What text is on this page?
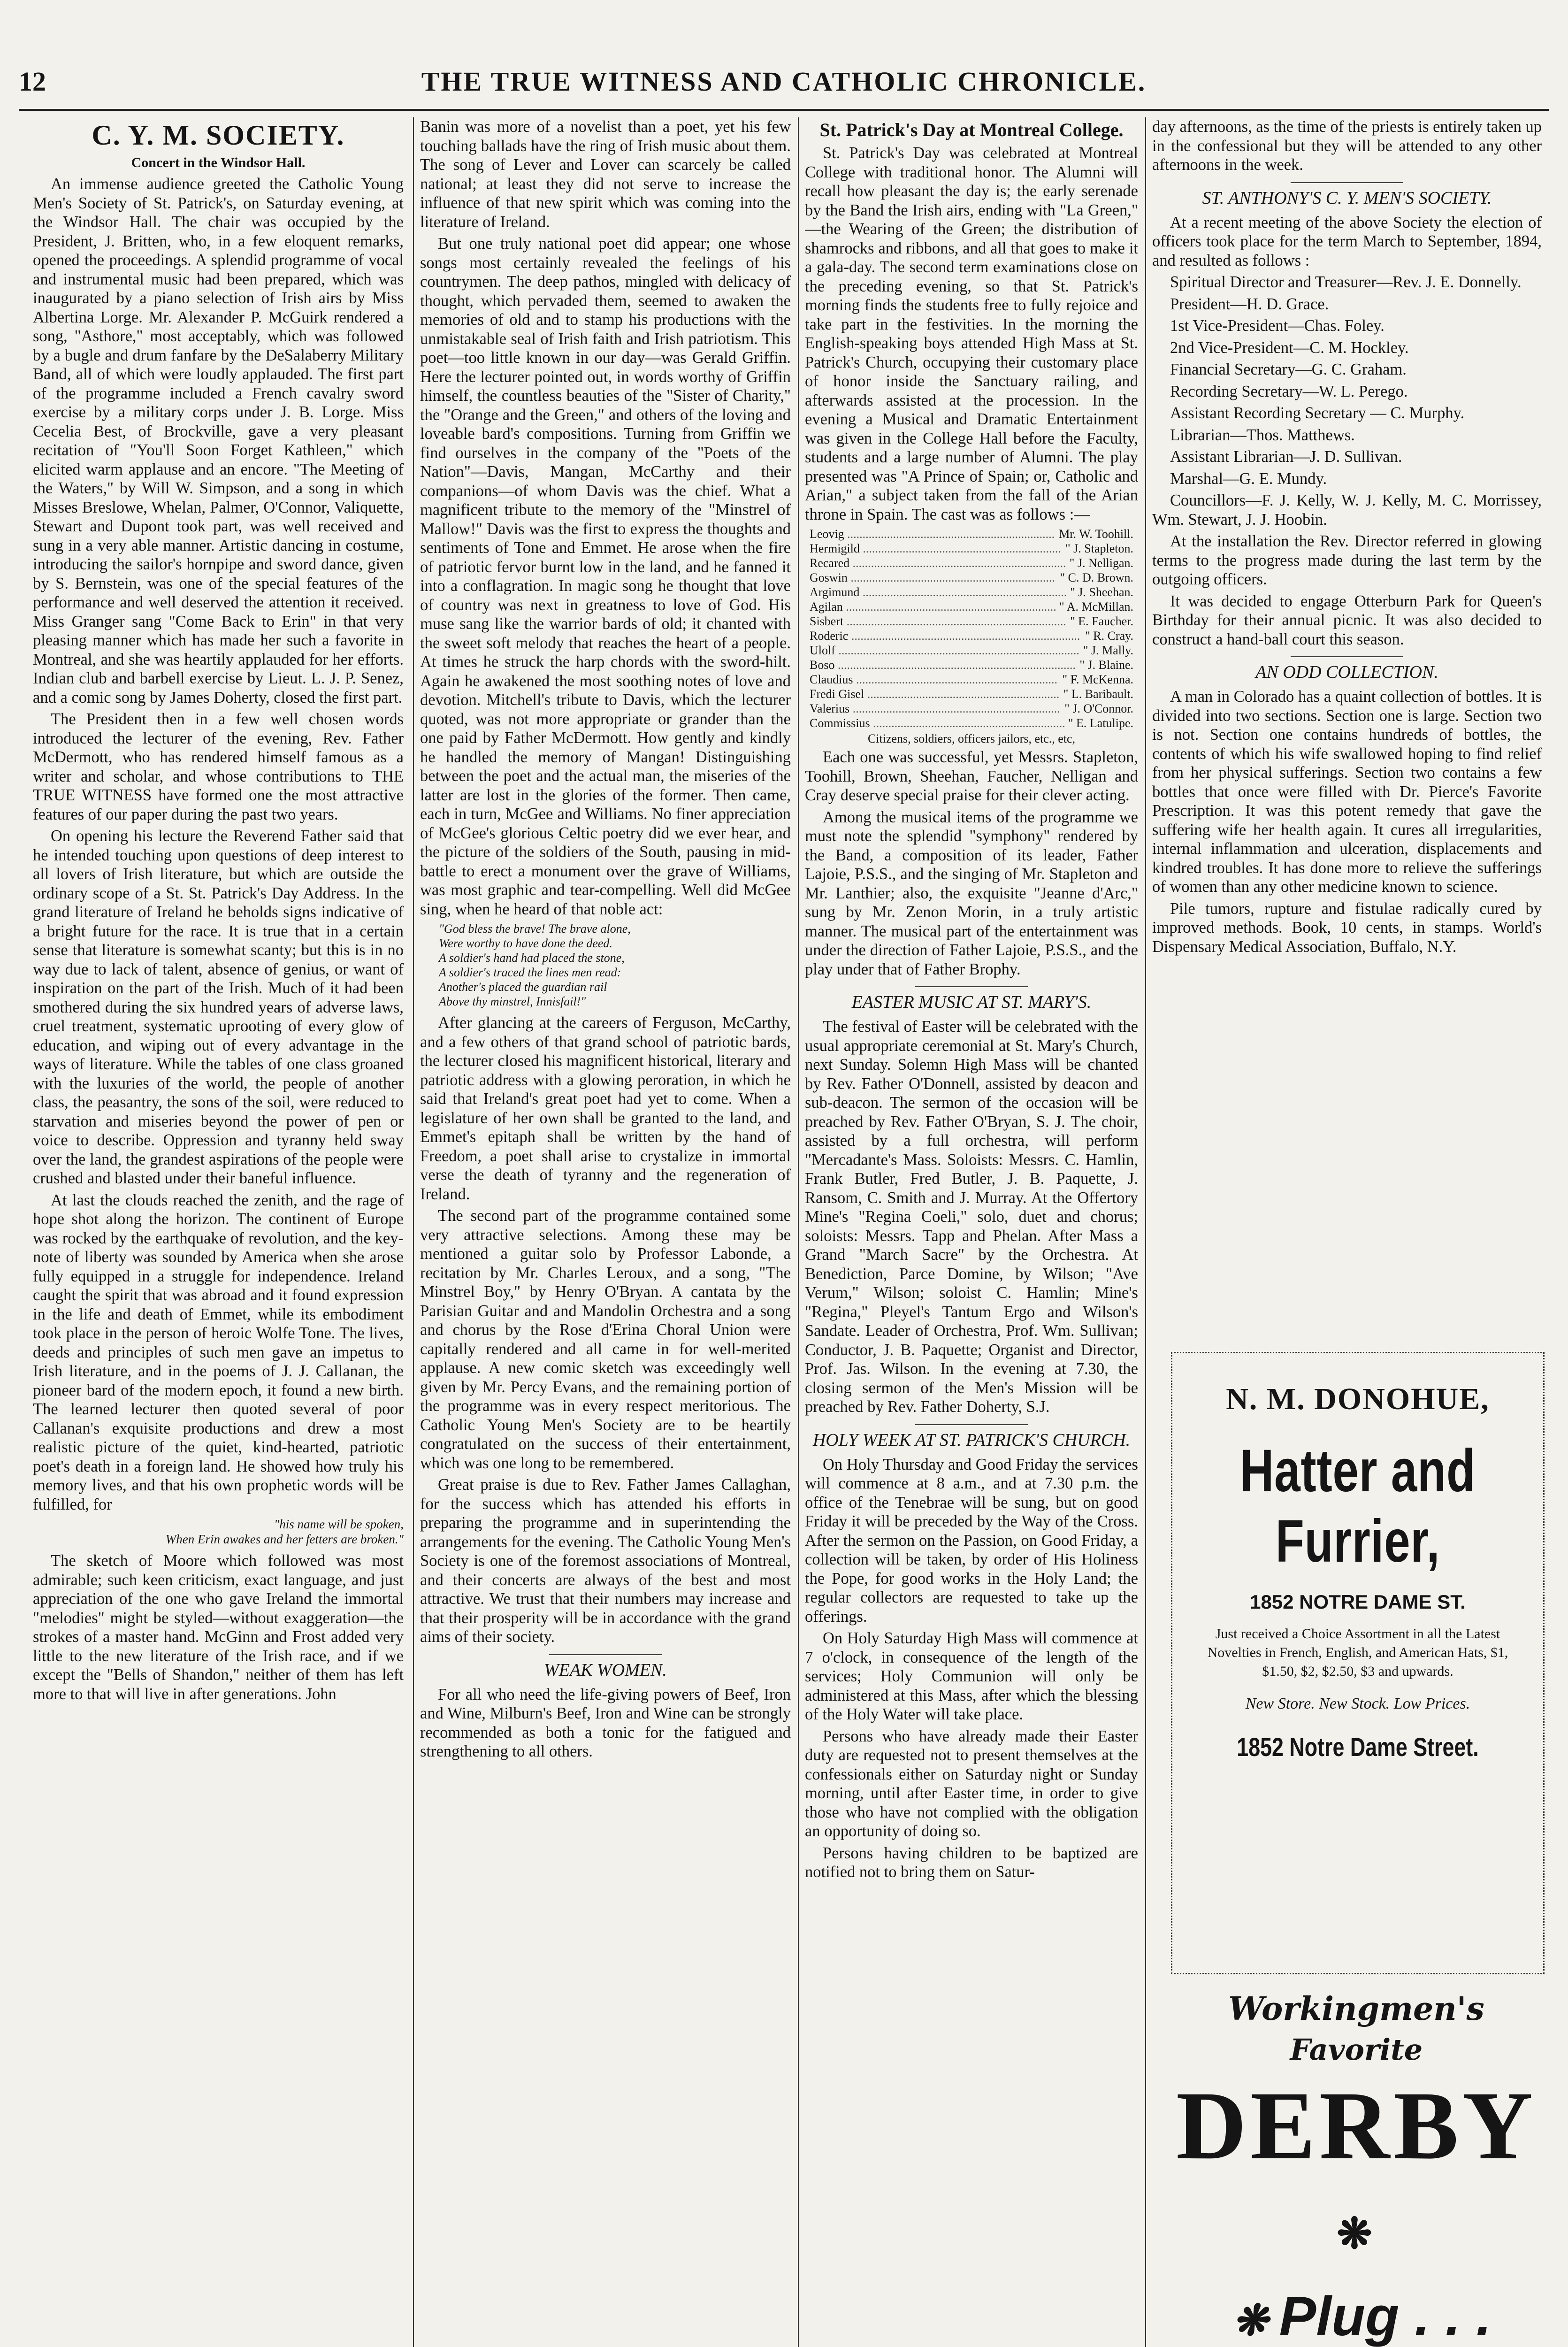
12	THE TRUE WITNESS AND CATHOLIC CHRONICLE.
C. Y. M. SOCIETY.
Concert in the Windsor Hall.

An immense audience greeted the Catholic Young Men's Society of St. Patrick's, on Saturday evening, at the Windsor Hall. The chair was occupied by the President, J. Britten, who, in a few eloquent remarks, opened the proceedings. A splendid programme of vocal and instrumental music had been prepared, which was inaugurated by a piano selection of Irish airs by Miss Albertina Lorge. Mr. Alexander P. McGuirk rendered a song, "Asthore," most acceptably, which was followed by a bugle and drum fanfare by the DeSalaberry Military Band, all of which were loudly applauded. The first part of the programme included a French cavalry sword exercise by a military corps under J. B. Lorge. Miss Cecelia Best, of Brockville, gave a very pleasant recitation of "You'll Soon Forget Kathleen," which elicited warm applause and an encore. "The Meeting of the Waters," by Will W. Simpson, and a song in which Misses Breslowe, Whelan, Palmer, O'Connor, Valiquette, Stewart and Dupont took part, was well received and sung in a very able manner. Artistic dancing in costume, introducing the sailor's hornpipe and sword dance, given by S. Bernstein, was one of the special features of the performance and well deserved the attention it received. Miss Granger sang "Come Back to Erin" in that very pleasing manner which has made her such a favorite in Montreal, and she was heartily applauded for her efforts. Indian club and barbell exercise by Lieut. L. J. P. Senez, and a comic song by James Doherty, closed the first part.

The President then in a few well chosen words introduced the lecturer of the evening, Rev. Father McDermott, who has rendered himself famous as a writer and scholar, and whose contributions to THE TRUE WITNESS have formed one the most attractive features of our paper during the past two years.

On opening his lecture the Reverend Father said that he intended touching upon questions of deep interest to all lovers of Irish literature, but which are outside the ordinary scope of a St. St. Patrick's Day Address. In the grand literature of Ireland he beholds signs indicative of a bright future for the race. It is true that in a certain sense that literature is somewhat scanty; but this is in no way due to lack of talent, absence of genius, or want of inspiration on the part of the Irish. Much of it had been smothered during the six hundred years of adverse laws, cruel treatment, systematic uprooting of every glow of education, and wiping out of every advantage in the ways of literature. While the tables of one class groaned with the luxuries of the world, the people of another class, the peasantry, the sons of the soil, were reduced to starvation and miseries beyond the power of pen or voice to describe. Oppression and tyranny held sway over the land, the grandest aspirations of the people were crushed and blasted under their baneful influence.

At last the clouds reached the zenith, and the rage of hope shot along the horizon. The continent of Europe was rocked by the earthquake of revolution, and the key-note of liberty was sounded by America when she arose fully equipped in a struggle for independence. Ireland caught the spirit that was abroad and it found expression in the life and death of Emmet, while its embodiment took place in the person of heroic Wolfe Tone. The lives, deeds and principles of such men gave an impetus to Irish literature, and in the poems of J. J. Callanan, the pioneer bard of the modern epoch, it found a new birth. The learned lecturer then quoted several of poor Callanan's exquisite productions and drew a most realistic picture of the quiet, kind-hearted, patriotic poet's death in a foreign land. He showed how truly his memory lives, and that his own prophetic words will be fulfilled, for

"his name will be spoken,
When Erin awakes and her fetters are broken."

The sketch of Moore which followed was most admirable; such keen criticism, exact language, and just appreciation of the one who gave Ireland the immortal "melodies" might be styled—without exaggeration—the strokes of a master hand. McGinn and Frost added very little to the new literature of the Irish race, and if we except the "Bells of Shandon," neither of them has left more to that will live in after generations. John

Banin was more of a novelist than a poet, yet his few touching ballads have the ring of Irish music about them. The song of Lever and Lover can scarcely be called national; at least they did not serve to increase the influence of that new spirit which was coming into the literature of Ireland.

But one truly national poet did appear; one whose songs most certainly revealed the feelings of his countrymen. The deep pathos, mingled with delicacy of thought, which pervaded them, seemed to awaken the memories of old and to stamp his productions with the unmistakable seal of Irish faith and Irish patriotism. This poet—too little known in our day—was Gerald Griffin. Here the lecturer pointed out, in words worthy of Griffin himself, the countless beauties of the "Sister of Charity," the "Orange and the Green," and others of the loving and loveable bard's compositions. Turning from Griffin we find ourselves in the company of the "Poets of the Nation"—Davis, Mangan, McCarthy and their companions—of whom Davis was the chief. What a magnificent tribute to the memory of the "Minstrel of Mallow!" Davis was the first to express the thoughts and sentiments of Tone and Emmet. He arose when the fire of patriotic fervor burnt low in the land, and he fanned it into a conflagration. In magic song he thought that love of country was next in greatness to love of God. His muse sang like the warrior bards of old; it chanted with the sweet soft melody that reaches the heart of a people. At times he struck the harp chords with the sword-hilt. Again he awakened the most soothing notes of love and devotion. Mitchell's tribute to Davis, which the lecturer quoted, was not more appropriate or grander than the one paid by Father McDermott. How gently and kindly he handled the memory of Mangan! Distinguishing between the poet and the actual man, the miseries of the latter are lost in the glories of the former. Then came, each in turn, McGee and Williams. No finer appreciation of McGee's glorious Celtic poetry did we ever hear, and the picture of the soldiers of the South, pausing in mid-battle to erect a monument over the grave of Williams, was most graphic and tear-compelling. Well did McGee sing, when he heard of that noble act:

"God bless the brave! The brave alone,
Were worthy to have done the deed.
A soldier's hand had placed the stone,
A soldier's traced the lines men read:
Another's placed the guardian rail
Above thy minstrel, Innisfail!"

After glancing at the careers of Ferguson, McCarthy, and a few others of that grand school of patriotic bards, the lecturer closed his magnificent historical, literary and patriotic address with a glowing peroration, in which he said that Ireland's great poet had yet to come. When a legislature of her own shall be granted to the land, and Emmet's epitaph shall be written by the hand of Freedom, a poet shall arise to crystalize in immortal verse the death of tyranny and the regeneration of Ireland.

The second part of the programme contained some very attractive selections. Among these may be mentioned a guitar solo by Professor Labonde, a recitation by Mr. Charles Leroux, and a song, "The Minstrel Boy," by Henry O'Bryan. A cantata by the Parisian Guitar and and Mandolin Orchestra and a song and chorus by the Rose d'Erina Choral Union were capitally rendered and all came in for well-merited applause. A new comic sketch was exceedingly well given by Mr. Percy Evans, and the remaining portion of the programme was in every respect meritorious. The Catholic Young Men's Society are to be heartily congratulated on the success of their entertainment, which was one long to be remembered.

Great praise is due to Rev. Father James Callaghan, for the success which has attended his efforts in preparing the programme and in superintending the arrangements for the evening. The Catholic Young Men's Society is one of the foremost associations of Montreal, and their concerts are always of the best and most attractive. We trust that their numbers may increase and that their prosperity will be in accordance with the grand aims of their society.

WEAK WOMEN.

For all who need the life-giving powers of Beef, Iron and Wine, Milburn's Beef, Iron and Wine can be strongly recommended as both a tonic for the fatigued and strengthening to all others.

St. Patrick's Day at Montreal College.

St. Patrick's Day was celebrated at Montreal College with traditional honor. The Alumni will recall how pleasant the day is; the early serenade by the Band the Irish airs, ending with "La Green," —the Wearing of the Green; the distribution of shamrocks and ribbons, and all that goes to make it a gala-day. The second term examinations close on the preceding evening, so that St. Patrick's morning finds the students free to fully rejoice and take part in the festivities. In the morning the English-speaking boys attended High Mass at St. Patrick's Church, occupying their customary place of honor inside the Sanctuary railing, and afterwards assisted at the procession. In the evening a Musical and Dramatic Entertainment was given in the College Hall before the Faculty, students and a large number of Alumni. The play presented was "A Prince of Spain; or, Catholic and Arian," a subject taken from the fall of the Arian throne in Spain. The cast was as follows :—

Leovig .....	Mr. W. Toohill.
Hermigild .....	" J. Stapleton.
Recared .....	" J. Nelligan.
Goswin .....	" C. D. Brown.
Argimund .....	" J. Sheehan.
Agilan .....	" A. McMillan.
Sisbert .....	" E. Faucher.
Roderic .....	" R. Cray.
Ulolf .....	" J. Mally.
Boso .....	" J. Blaine.
Claudius .....	" F. McKenna.
Fredi Gisel .....	" L. Baribault.
Valerius .....	" J. O'Connor.
Commissius .....	" E. Latulipe.
Citizens, soldiers, officers jailors, etc., etc,

Each one was successful, yet Messrs. Stapleton, Toohill, Brown, Sheehan, Faucher, Nelligan and Cray deserve special praise for their clever acting.

Among the musical items of the programme we must note the splendid "symphony" rendered by the Band, a composition of its leader, Father Lajoie, P.S.S., and the singing of Mr. Stapleton and Mr. Lanthier; also, the exquisite "Jeanne d'Arc," sung by Mr. Zenon Morin, in a truly artistic manner. The musical part of the entertainment was under the direction of Father Lajoie, P.S.S., and the play under that of Father Brophy.

EASTER MUSIC AT ST. MARY'S.

The festival of Easter will be celebrated with the usual appropriate ceremonial at St. Mary's Church, next Sunday. Solemn High Mass will be chanted by Rev. Father O'Donnell, assisted by deacon and sub-deacon. The sermon of the occasion will be preached by Rev. Father O'Bryan, S. J. The choir, assisted by a full orchestra, will perform "Mercadante's Mass. Soloists: Messrs. C. Hamlin, Frank Butler, Fred Butler, J. B. Paquette, J. Ransom, C. Smith and J. Murray. At the Offertory Mine's "Regina Coeli," solo, duet and chorus; soloists: Messrs. Tapp and Phelan. After Mass a Grand "March Sacre" by the Orchestra. At Benediction, Parce Domine, by Wilson; "Ave Verum," Wilson; soloist C. Hamlin; Mine's "Regina," Pleyel's Tantum Ergo and Wilson's Sandate. Leader of Orchestra, Prof. Wm. Sullivan; Conductor, J. B. Paquette; Organist and Director, Prof. Jas. Wilson. In the evening at 7.30, the closing sermon of the Men's Mission will be preached by Rev. Father Doherty, S.J.

HOLY WEEK AT ST. PATRICK'S CHURCH.

On Holy Thursday and Good Friday the services will commence at 8 a.m., and at 7.30 p.m. the office of the Tenebrae will be sung, but on good Friday it will be preceded by the Way of the Cross. After the sermon on the Passion, on Good Friday, a collection will be taken, by order of His Holiness the Pope, for good works in the Holy Land; the regular collectors are requested to take up the offerings.

On Holy Saturday High Mass will commence at 7 o'clock, in consequence of the length of the services; Holy Communion will only be administered at this Mass, after which the blessing of the Holy Water will take place.

Persons who have already made their Easter duty are requested not to present themselves at the confessionals either on Saturday night or Sunday morning, until after Easter time, in order to give those who have not complied with the obligation an opportunity of doing so.

Persons having children to be baptized are notified not to bring them on Satur-

day afternoons, as the time of the priests is entirely taken up in the confessional but they will be attended to any other afternoons in the week.

ST. ANTHONY'S C. Y. MEN'S SOCIETY.

At a recent meeting of the above Society the election of officers took place for the term March to September, 1894, and resulted as follows :

Spiritual Director and Treasurer—Rev. J. E. Donnelly.

President—H. D. Grace.

1st Vice-President—Chas. Foley.

2nd Vice-President—C. M. Hockley.

Financial Secretary—G. C. Graham.

Recording Secretary—W. L. Perego.

Assistant Recording Secretary — C. Murphy.

Librarian—Thos. Matthews.

Assistant Librarian—J. D. Sullivan.

Marshal—G. E. Mundy.

Councillors—F. J. Kelly, W. J. Kelly, M. C. Morrissey, Wm. Stewart, J. J. Hoobin.

At the installation the Rev. Director referred in glowing terms to the progress made during the last term by the outgoing officers.

It was decided to engage Otterburn Park for Queen's Birthday for their annual picnic. It was also decided to construct a hand-ball court this season.

AN ODD COLLECTION.

A man in Colorado has a quaint collection of bottles. It is divided into two sections. Section one is large. Section two is not. Section one contains hundreds of bottles, the contents of which his wife swallowed hoping to find relief from her physical sufferings. Section two contains a few bottles that once were filled with Dr. Pierce's Favorite Prescription. It was this potent remedy that gave the suffering wife her health again. It cures all irregularities, internal inflammation and ulceration, displacements and kindred troubles. It has done more to relieve the sufferings of women than any other medicine known to science.

Pile tumors, rupture and fistulae radically cured by improved methods. Book, 10 cents, in stamps. World's Dispensary Medical Association, Buffalo, N.Y.

N. M. DONOHUE,
Hatter and Furrier,
1852 NOTRE DAME ST.
Just received a Choice Assortment in all the Latest Novelties in French, English, and American Hats, $1, $1.50, $2, $2.50, $3 and upwards.
New Store. New Stock. Low Prices.
1852 Notre Dame Street.
Workingmen's
Favorite
DERBY❋
❋ Plug . . .
